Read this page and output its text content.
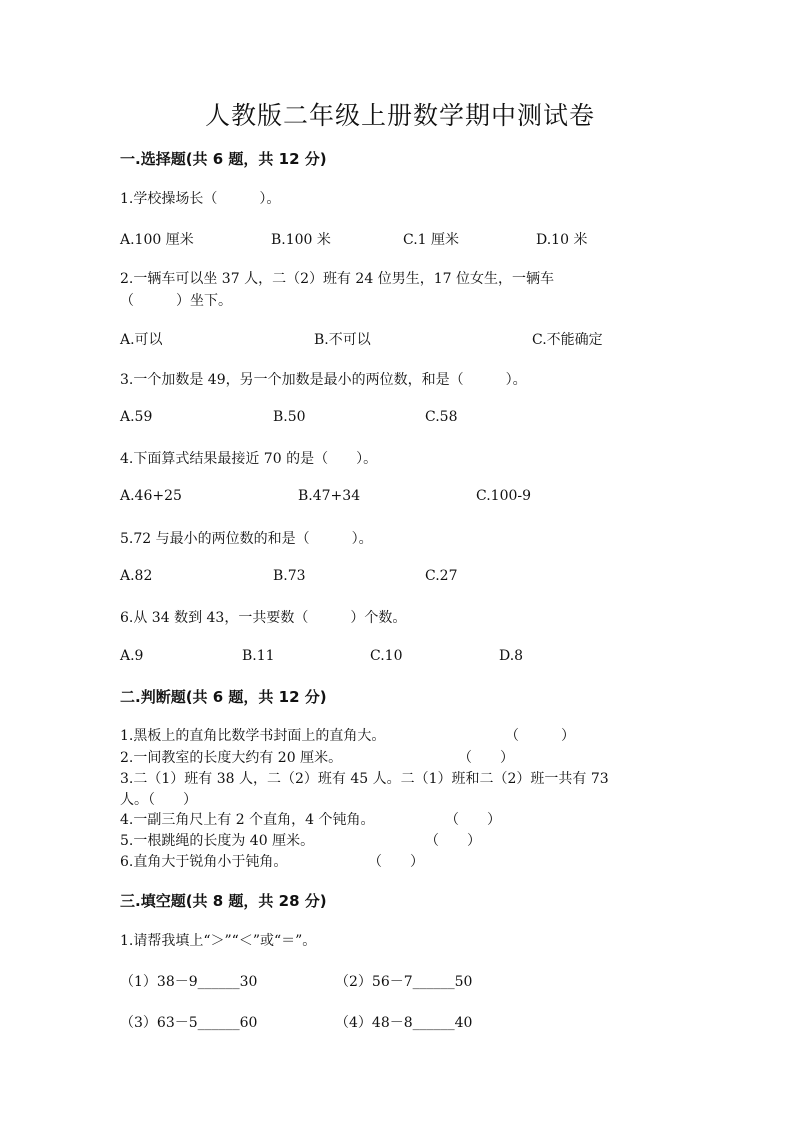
人教版二年级上册数学期中测试卷
一.选择题(共 6 题，共 12 分)
1.学校操场长（　　　）。
A.100 厘米	B.100 米	C.1 厘米	D.10 米
2.一辆车可以坐 37 人，二（2）班有 24 位男生，17 位女生，一辆车
（　　　）坐下。
A.可以	B.不可以	C.不能确定
3.一个加数是 49，另一个加数是最小的两位数，和是（　　　）。
A.59	B.50	C.58
4.下面算式结果最接近 70 的是（　　）。
A.46+25	B.47+34	C.100-9
5.72 与最小的两位数的和是（　　　）。
A.82	B.73	C.27
6.从 34 数到 43，一共要数（　　　）个数。
A.9	B.11	C.10	D.8
二.判断题(共 6 题，共 12 分)
1.黑板上的直角比数学书封面上的直角大。	（　　　）
2.一间教室的长度大约有 20 厘米。	（　　）
3.二（1）班有 38 人，二（2）班有 45 人。二（1）班和二（2）班一共有 73
人。（　　）
4.一副三角尺上有 2 个直角，4 个钝角。	（　　）
5.一根跳绳的长度为 40 厘米。	（　　）
6.直角大于锐角小于钝角。	（　　）
三.填空题(共 8 题，共 28 分)
1.请帮我填上“＞”“＜”或“＝”。
（1）38－9______30	（2）56－7______50
（3）63－5______60	（4）48－8______40
